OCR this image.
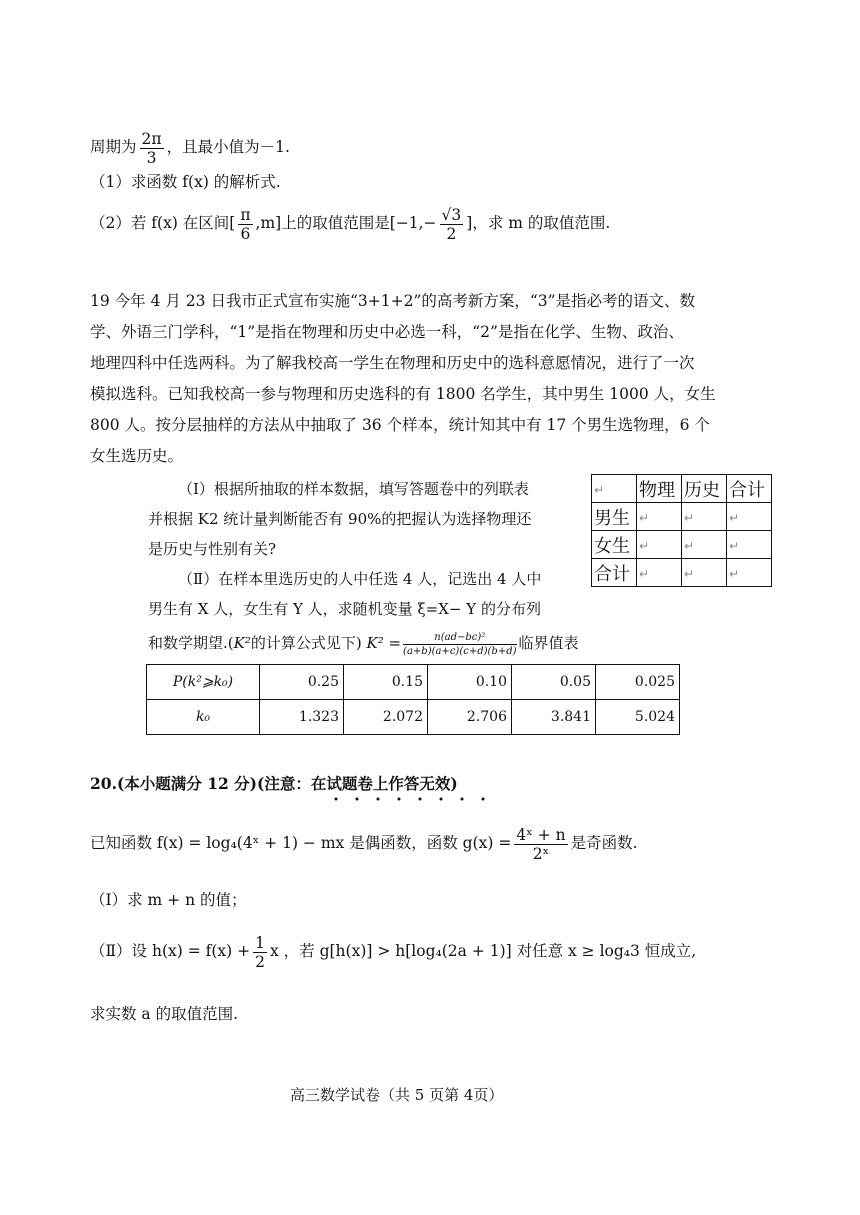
周期为 $\frac{2\pi}{3}$ ，且最小值为－1.
（1）求函数 f(x) 的解析式.
（2）若 f(x) 在区间[ $\frac{\pi}{6} ,m$]上的取值范围是[$-1,- \frac{√3}{2}$ ]，求 m 的取值范围.
19 今年 4 月 23 日我市正式宣布实施“3+1+2”的高考新方案，“3”是指必考的语文、数
学、外语三门学科，“1”是指在物理和历史中必选一科，“2”是指在化学、生物、政治、
地理四科中任选两科。为了解我校高一学生在物理和历史中的选科意愿情况，进行了一次
模拟选科。已知我校高一参与物理和历史选科的有 1800 名学生，其中男生 1000 人，女生
800 人。按分层抽样的方法从中抽取了 36 个样本，统计知其中有 17 个男生选物理，6 个
女生选历史。
（Ⅰ）根据所抽取的样本数据，填写答题卷中的列联表
并根据 K2 统计量判断能否有 90%的把握认为选择物理还
是历史与性别有关?
（Ⅱ）在样本里选历史的人中任选 4 人，记选出 4 人中
男生有 X 人，女生有 Y 人，求随机变量 ξ=X− Y 的分布列
和数学期望.(K²的计算公式见下) $K^2 = \frac{\text{n(ad−bc)²}}{(a+b)(a+c)(c+d)(b+d)}$ 临界值表
↵	物理	历史	合计
男生	↵	↵	↵
女生	↵	↵	↵
合计	↵	↵	↵
P(k²⩾k₀)	0.25	0.15	0.10	0.05	0.025
k₀	1.323	2.072	2.706	3.841	5.024
20.(本小题满分 12 分)(注意：在试题卷上作答无效)
已知函数 f(x) = log₄(4ˣ + 1) − mx 是偶函数，函数 $g(x) = \frac{\text{4ˣ + n}}{\text{2ˣ}}$ 是奇函数.
（Ⅰ）求 m + n 的值；
（Ⅱ）设 $h(x) = f(x) + \frac{1}{2}$ x ，若 g[h(x)] > h[log₄(2a + 1)] 对任意 x ≥ log₄3 恒成立,
求实数 a 的取值范围.
高三数学试卷（共 5 页第 4页）
